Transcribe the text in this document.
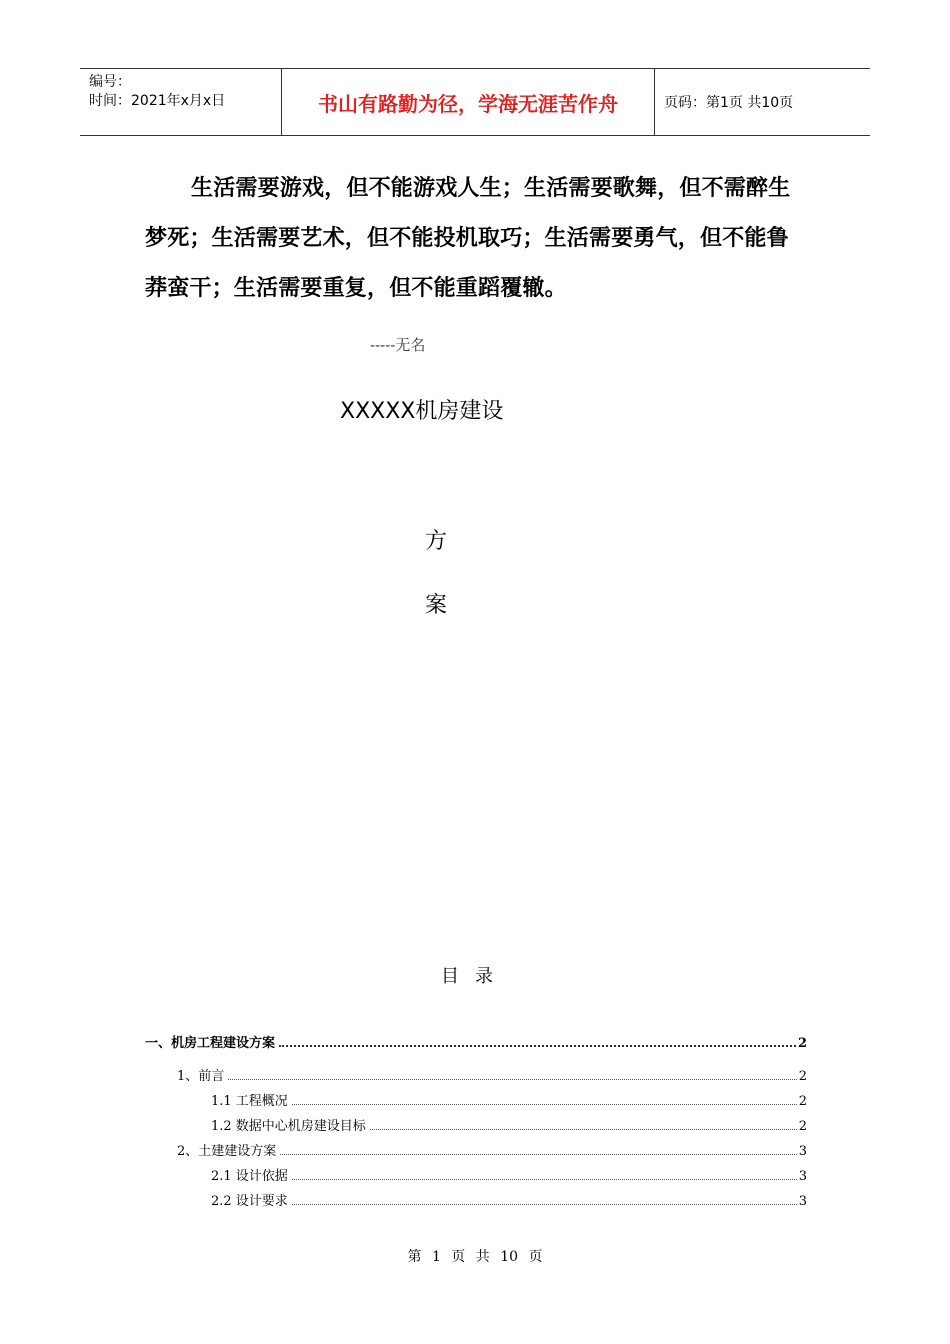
编号：
时间：2021年x月x日	书山有路勤为径，学海无涯苦作舟	页码：第1页 共10页
生活需要游戏，但不能游戏人生；生活需要歌舞，但不需醉生梦死；生活需要艺术，但不能投机取巧；生活需要勇气，但不能鲁莽蛮干；生活需要重复，但不能重蹈覆辙。
-----无名
XXXXX机房建设
方
案
目录
一、机房工程建设方案	2
1、前言	2
1.1 工程概况	2
1.2 数据中心机房建设目标	2
2、土建建设方案	3
2.1 设计依据	3
2.2 设计要求	3
第 1 页 共 10 页
